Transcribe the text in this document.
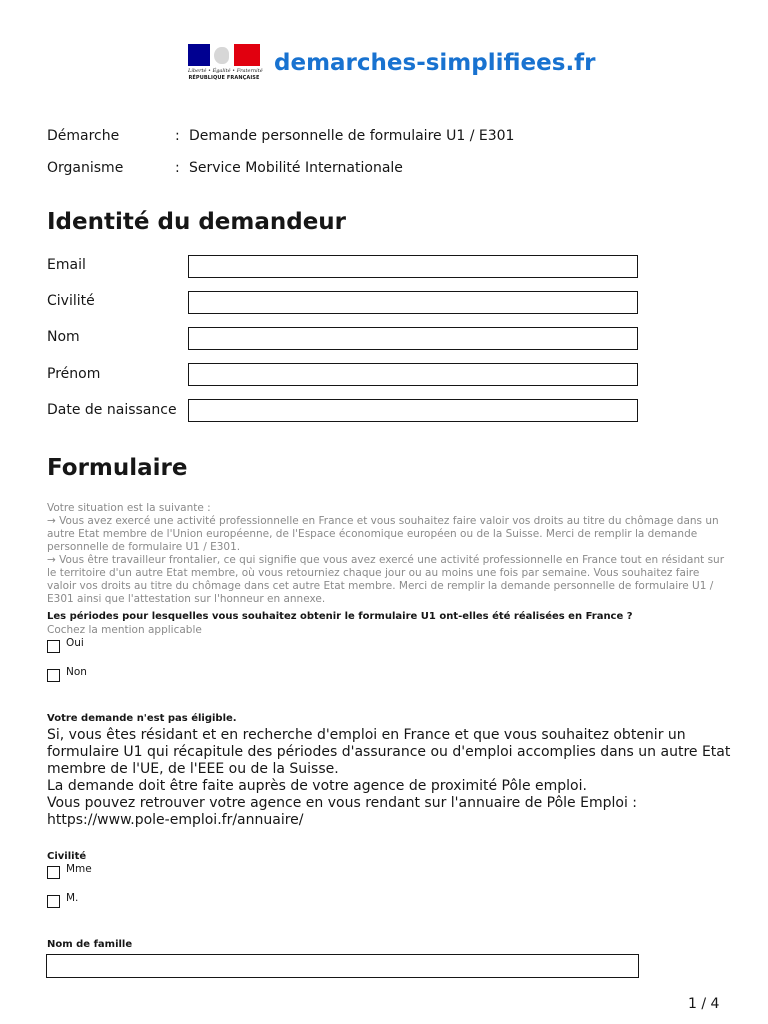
Liberté • Égalité • Fraternité
RÉPUBLIQUE FRANÇAISE
demarches-simplifiees.fr
Démarche	: Demande personnelle de formulaire U1 / E301
Organisme	: Service Mobilité Internationale
Identité du demandeur
Email
Civilité
Nom
Prénom
Date de naissance
Formulaire

Votre situation est la suivante :

→ Vous avez exercé une activité professionnelle en France et vous souhaitez faire valoir vos droits au titre du chômage dans un autre Etat membre de l'Union européenne, de l'Espace économique européen ou de la Suisse. Merci de remplir la demande personnelle de formulaire U1 / E301.

→ Vous être travailleur frontalier, ce qui signifie que vous avez exercé une activité professionnelle en France tout en résidant sur le territoire d'un autre Etat membre, où vous retourniez chaque jour ou au moins une fois par semaine. Vous souhaitez faire valoir vos droits au titre du chômage dans cet autre Etat membre. Merci de remplir la demande personnelle de formulaire U1 / E301 ainsi que l'attestation sur l'honneur en annexe.

Les périodes pour lesquelles vous souhaitez obtenir le formulaire U1 ont-elles été réalisées en France ?
Cochez la mention applicable
Oui
Non
Votre demande n'est pas éligible.

Si, vous êtes résidant et en recherche d'emploi en France et que vous souhaitez obtenir un formulaire U1 qui récapitule des périodes d'assurance ou d'emploi accomplies dans un autre Etat membre de l'UE, de l'EEE ou de la Suisse.

La demande doit être faite auprès de votre agence de proximité Pôle emploi.

Vous pouvez retrouver votre agence en vous rendant sur l'annuaire de Pôle Emploi :

https://www.pole-emploi.fr/annuaire/

Civilité
Mme
M.
Nom de famille
1 / 4
